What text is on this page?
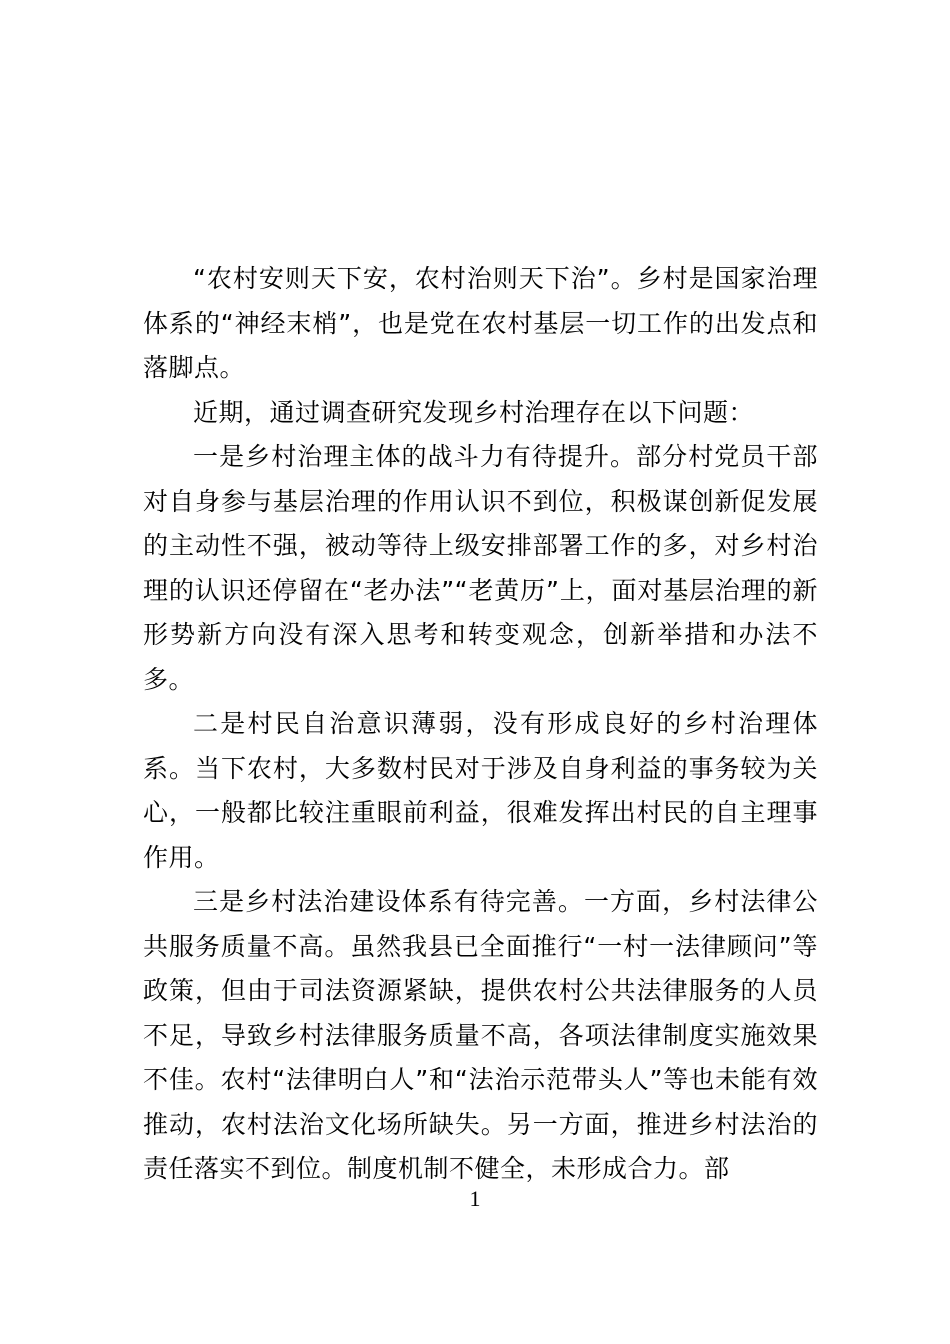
“农村安则天下安，农村治则天下治”。乡村是国家治理体系的“神经末梢”，也是党在农村基层一切工作的出发点和落脚点。

近期，通过调查研究发现乡村治理存在以下问题：

一是乡村治理主体的战斗力有待提升。部分村党员干部对自身参与基层治理的作用认识不到位，积极谋创新促发展的主动性不强，被动等待上级安排部署工作的多，对乡村治理的认识还停留在“老办法”“老黄历”上，面对基层治理的新形势新方向没有深入思考和转变观念，创新举措和办法不多。

二是村民自治意识薄弱，没有形成良好的乡村治理体系。当下农村，大多数村民对于涉及自身利益的事务较为关心，一般都比较注重眼前利益，很难发挥出村民的自主理事作用。

三是乡村法治建设体系有待完善。一方面，乡村法律公共服务质量不高。虽然我县已全面推行“一村一法律顾问”等政策，但由于司法资源紧缺，提供农村公共法律服务的人员不足，导致乡村法律服务质量不高，各项法律制度实施效果不佳。农村“法律明白人”和“法治示范带头人”等也未能有效推动，农村法治文化场所缺失。另一方面，推进乡村法治的责任落实不到位。制度机制不健全，未形成合力。部

1
